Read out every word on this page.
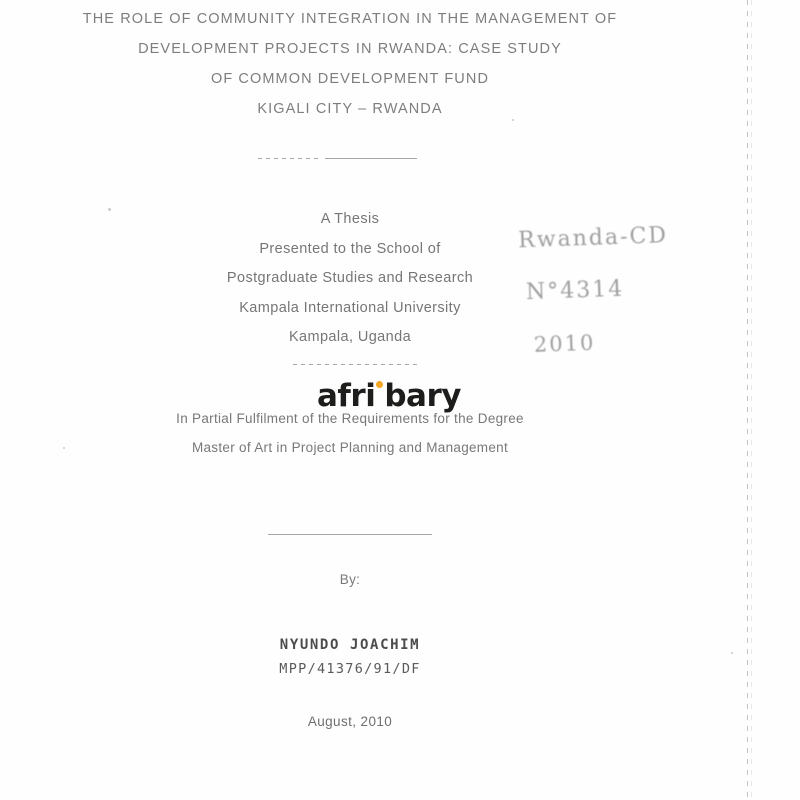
THE ROLE OF COMMUNITY INTEGRATION IN THE MANAGEMENT OF
DEVELOPMENT PROJECTS IN RWANDA: CASE STUDY
OF COMMON DEVELOPMENT FUND
KIGALI CITY – RWANDA
A Thesis
Presented to the School of
Postgraduate Studies and Research
Kampala International University
Kampala, Uganda
Rwanda-CD
N°4314
2010
afr i bary
In Partial Fulfilment of the Requirements for the Degree
Master of Art in Project Planning and Management
By:
NYUNDO JOACHIM
MPP/41376/91/DF
August, 2010
